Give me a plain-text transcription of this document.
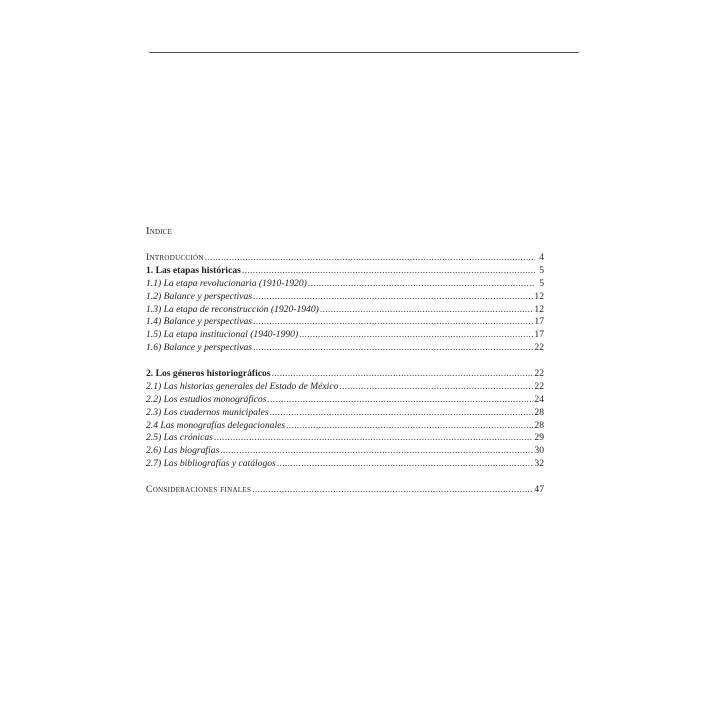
Indice
Introducción .....	4
1. Las etapas históricas .....	5
1.1) La etapa revolucionaria (1910-1920) .....	5
1.2) Balance y perspectivas .....	12
1.3) La etapa de reconstrucción (1920-1940) .....	12
1.4) Balance y perspectivas .....	17
1.5) La etapa institucional (1940-1990) .....	17
1.6) Balance y perspectivas .....	22
2. Los géneros historiográficos .....	22
2.1) Las historias generales del Estado de México .....	22
2.2) Los estudios monográficos .....	24
2.3) Los cuadernos municipales .....	28
2.4 Las monografías delegacionales .....	28
2.5) Las crónicas .....	29
2.6) Las biografías .....	30
2.7) Las bibliografías y catálogos .....	32
Consideraciones finales .....	47
